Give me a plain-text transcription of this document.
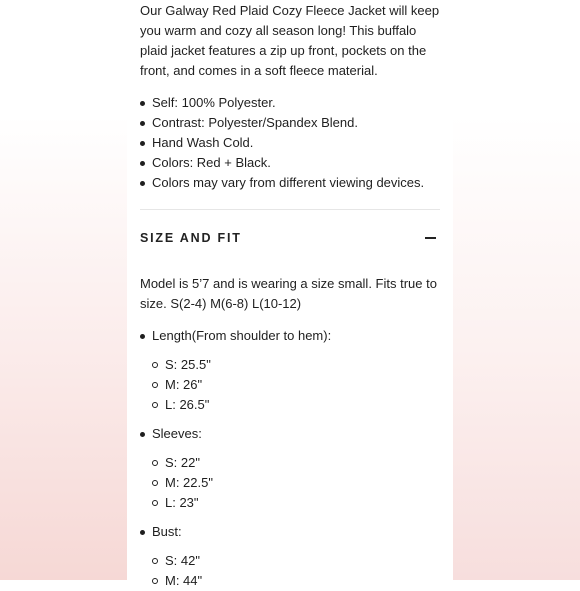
Our Galway Red Plaid Cozy Fleece Jacket will keep you warm and cozy all season long! This buffalo plaid jacket features a zip up front, pockets on the front, and comes in a soft fleece material.

Self: 100% Polyester.
Contrast: Polyester/Spandex Blend.
Hand Wash Cold.
Colors: Red + Black.
Colors may vary from different viewing devices.
SIZE AND FIT

Model is 5’7 and is wearing a size small. Fits true to size. S(2-4) M(6-8) L(10-12)

Length(From shoulder to hem):
S: 25.5"
M: 26"
L: 26.5"
Sleeves:
S: 22"
M: 22.5"
L: 23"
Bust:
S: 42"
M: 44"
